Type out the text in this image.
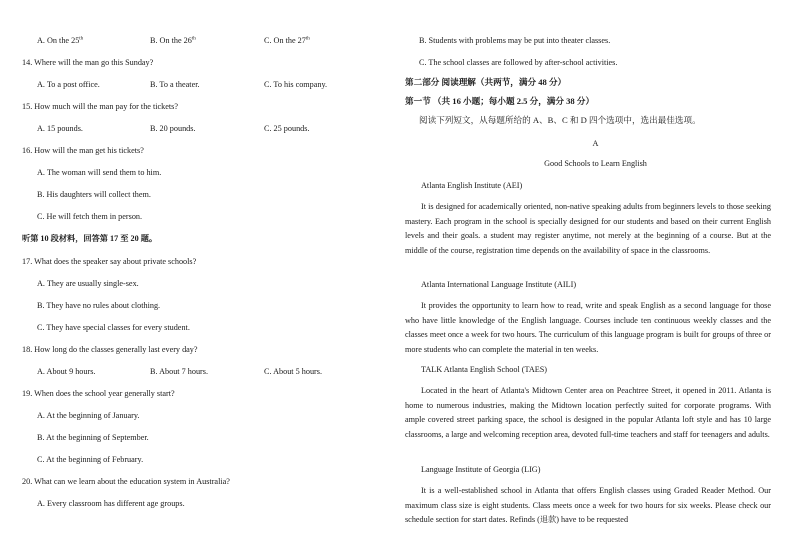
A. On the 25th	B. On the 26th	C. On the 27th
14. Where will the man go this Sunday?
A. To a post office.	B. To a theater.	C. To his company.
15. How much will the man pay for the tickets?
A. 15 pounds.	B. 20 pounds.	C. 25 pounds.
16. How will the man get his tickets?
A. The woman will send them to him.
B. His daughters will collect them.
C. He will fetch them in person.
听第 10 段材料，回答第 17 至 20 题。
17. What does the speaker say about private schools?
A. They are usually single-sex.
B. They have no rules about clothing.
C. They have special classes for every student.
18. How long do the classes generally last every day?
A. About 9 hours.	B. About 7 hours.	C. About 5 hours.
19. When does the school year generally start?
A. At the beginning of January.
B. At the beginning of September.
C. At the beginning of February.
20. What can we learn about the education system in Australia?
A. Every classroom has different age groups.
B. Students with problems may be put into theater classes.
C. The school classes are followed by after-school activities.
第二部分 阅读理解（共两节，满分 48 分）
第一节 （共 16 小题；每小题 2.5 分，满分 38 分）
阅读下列短文，从每题所给的 A、B、C 和 D 四个选项中，选出最佳选项。
A
Good Schools to Learn English
Atlanta English Institute (AEI)
It is designed for academically oriented, non-native speaking adults from beginners levels to those seeking mastery. Each program in the school is specially designed for our students and based on their current English levels and their goals. a student may register anytime, not merely at the beginning of a course. But at the middle of the course, registration time depends on the availability of space in the classrooms.
Atlanta International Language Institute (AILI)
It provides the opportunity to learn how to read, write and speak English as a second language for those who have little knowledge of the English language. Courses include ten continuous weekly classes and the classes meet once a week for two hours. The curriculum of this language program is built for groups of three or more students who can complete the material in ten weeks.
TALK Atlanta English School (TAES)
Located in the heart of Atlanta's Midtown Center area on Peachtree Street, it opened in 2011. Atlanta is home to numerous industries, making the Midtown location perfectly suited for corporate programs. With ample covered street parking space, the school is designed in the popular Atlanta loft style and has 10 large classrooms, a large and welcoming reception area, devoted full-time teachers and staff for teenagers and adults.
Language Institute of Georgia (LIG)
It is a well-established school in Atlanta that offers English classes using Graded Reader Method. Our maximum class size is eight students. Class meets once a week for two hours for six weeks. Please check our schedule section for start dates. Refinds (退款) have to be requested
